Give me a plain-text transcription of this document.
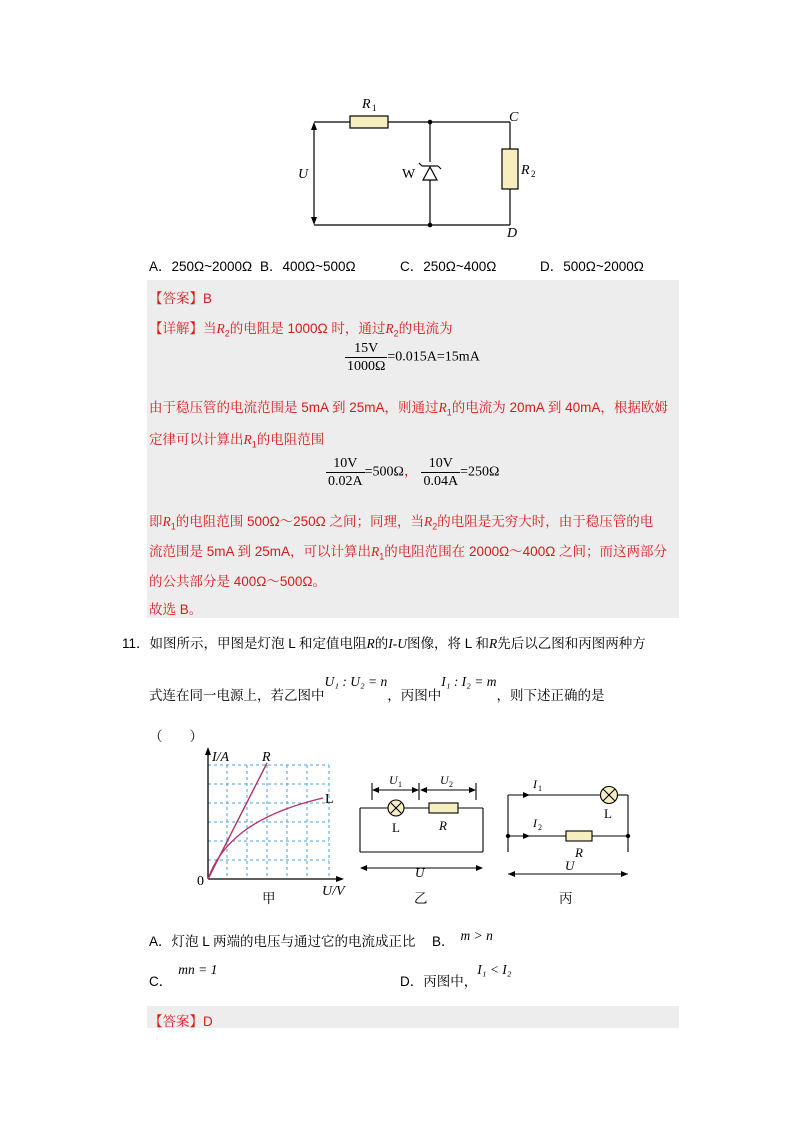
R 1
C
D
U	W	R 2
A．250Ω~2000Ω B．400Ω~500Ω	C．250Ω~400Ω	D．500Ω~2000Ω
【答案】B
【详解】当$R_2$的电阻是 1000Ω 时，通过$R_2$的电流为
$\frac{15V}{1000\Omega} =0.015A=15mA$
由于稳压管的电流范围是 5mA 到 25mA，则通过$R_1$的电流为 20mA 到 40mA，根据欧姆
定律可以计算出$R_1$的电阻范围
$\frac{10V}{0.02A} =500\Omega$， $\frac{10V}{0.04A} =250\Omega$
即$R_1$的电阻范围 500Ω～250Ω 之间；同理，当$R_2$的电阻是无穷大时，由于稳压管的电
流范围是 5mA 到 25mA，可以计算出$R_1$的电阻范围在 2000Ω～400Ω 之间；而这两部分
的公共部分是 400Ω～500Ω。
故选 B。
11．如图所示，甲图是灯泡 L 和定值电阻R的I-U图像，将 L 和R先后以乙图和丙图两种方
式连在同一电源上，若乙图中U₁ : U₂ = n，丙图中I₁ : I₂ = m，则下述正确的是
（　　）
I/A
U/V
0
R
L
甲
U 1	U 2
L	R
U
乙
I 1
I 2
L
R
U
丙
A．灯泡 L 两端的电压与通过它的电流成正比 B． m > n
C．mn = 1
D．丙图中，I₁ < I₂
【答案】D
